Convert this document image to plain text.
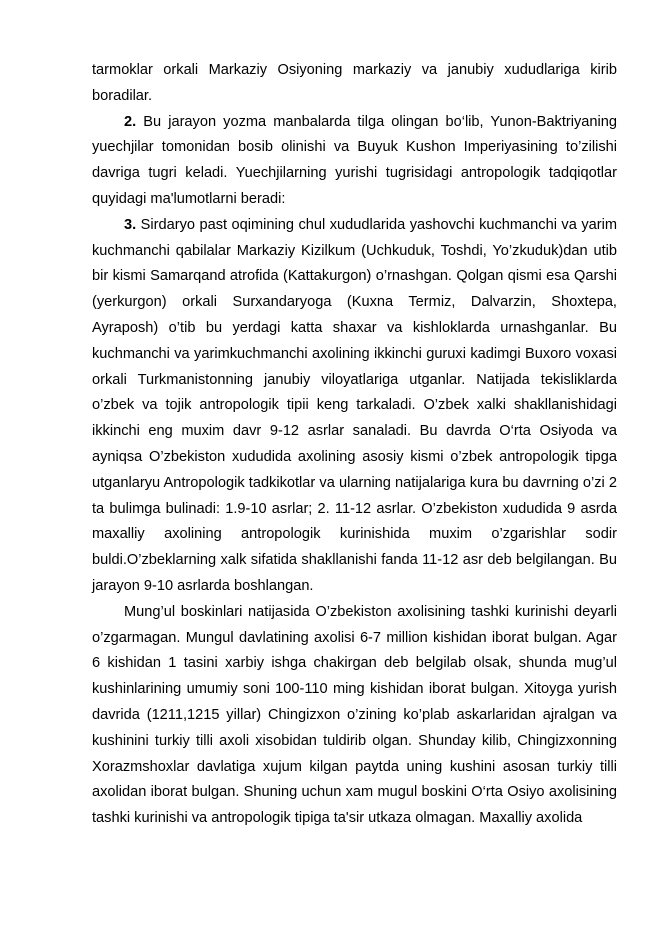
tarmoklar orkali Markaziy Osiyoning markaziy va janubiy xududlariga kirib boradilar.

2. Bu jarayon yozma manbalarda tilga olingan bo‘lib, Yunon-Baktriyaning yuechjilar tomonidan bosib olinishi va Buyuk Kushon Imperiyasining to’zilishi davriga tugri keladi. Yuechjilarning yurishi tugrisidagi antropologik tadqiqotlar quyidagi ma'lumotlarni beradi:

3. Sirdaryo past oqimining chul xududlarida yashovchi kuchmanchi va yarim kuchmanchi qabilalar Markaziy Kizilkum (Uchkuduk, Toshdi, Yo’zkuduk)dan utib bir kismi Samarqand atrofida (Kattakurgon) o’rnashgan. Qolgan qismi esa Qarshi (yerkurgon) orkali Surxandaryoga (Kuxna Termiz, Dalvarzin, Shoxtepa, Ayraposh) o’tib bu yerdagi katta shaxar va kishloklarda urnashganlar. Bu kuchmanchi va yarimkuchmanchi axolining ikkinchi guruxi kadimgi Buxoro voxasi orkali Turkmanistonning janubiy viloyatlariga utganlar. Natijada tekisliklarda o’zbek va tojik antropologik tipii keng tarkaladi. O’zbek xalki shakllanishidagi ikkinchi eng muxim davr 9-12 asrlar sanaladi. Bu davrda O‘rta Osiyoda va ayniqsa O’zbekiston xududida axolining asosiy kismi o’zbek antropologik tipga utganlaryu Antropologik tadkikotlar va ularning natijalariga kura bu davrning o’zi 2 ta bulimga bulinadi: 1.9-10 asrlar; 2. 11-12 asrlar. O’zbekiston xududida 9 asrda maxalliy axolining antropologik kurinishida muxim o’zgarishlar sodir buldi.O’zbeklarning xalk sifatida shakllanishi fanda 11-12 asr deb belgilangan. Bu jarayon 9-10 asrlarda boshlangan.

Mung’ul boskinlari natijasida O’zbekiston axolisining tashki kurinishi deyarli o’zgarmagan. Mungul davlatining axolisi 6-7 million kishidan iborat bulgan. Agar 6 kishidan 1 tasini xarbiy ishga chakirgan deb belgilab olsak, shunda mug’ul kushinlarining umumiy soni 100-110 ming kishidan iborat bulgan. Xitoyga yurish davrida (1211,1215 yillar) Chingizxon o’zining ko’plab askarlaridan ajralgan va kushinini turkiy tilli axoli xisobidan tuldirib olgan. Shunday kilib, Chingizxonning Xorazmshoxlar davlatiga xujum kilgan paytda uning kushini asosan turkiy tilli axolidan iborat bulgan. Shuning uchun xam mugul boskini O‘rta Osiyo axolisining tashki kurinishi va antropologik tipiga ta'sir utkaza olmagan. Maxalliy axolida
